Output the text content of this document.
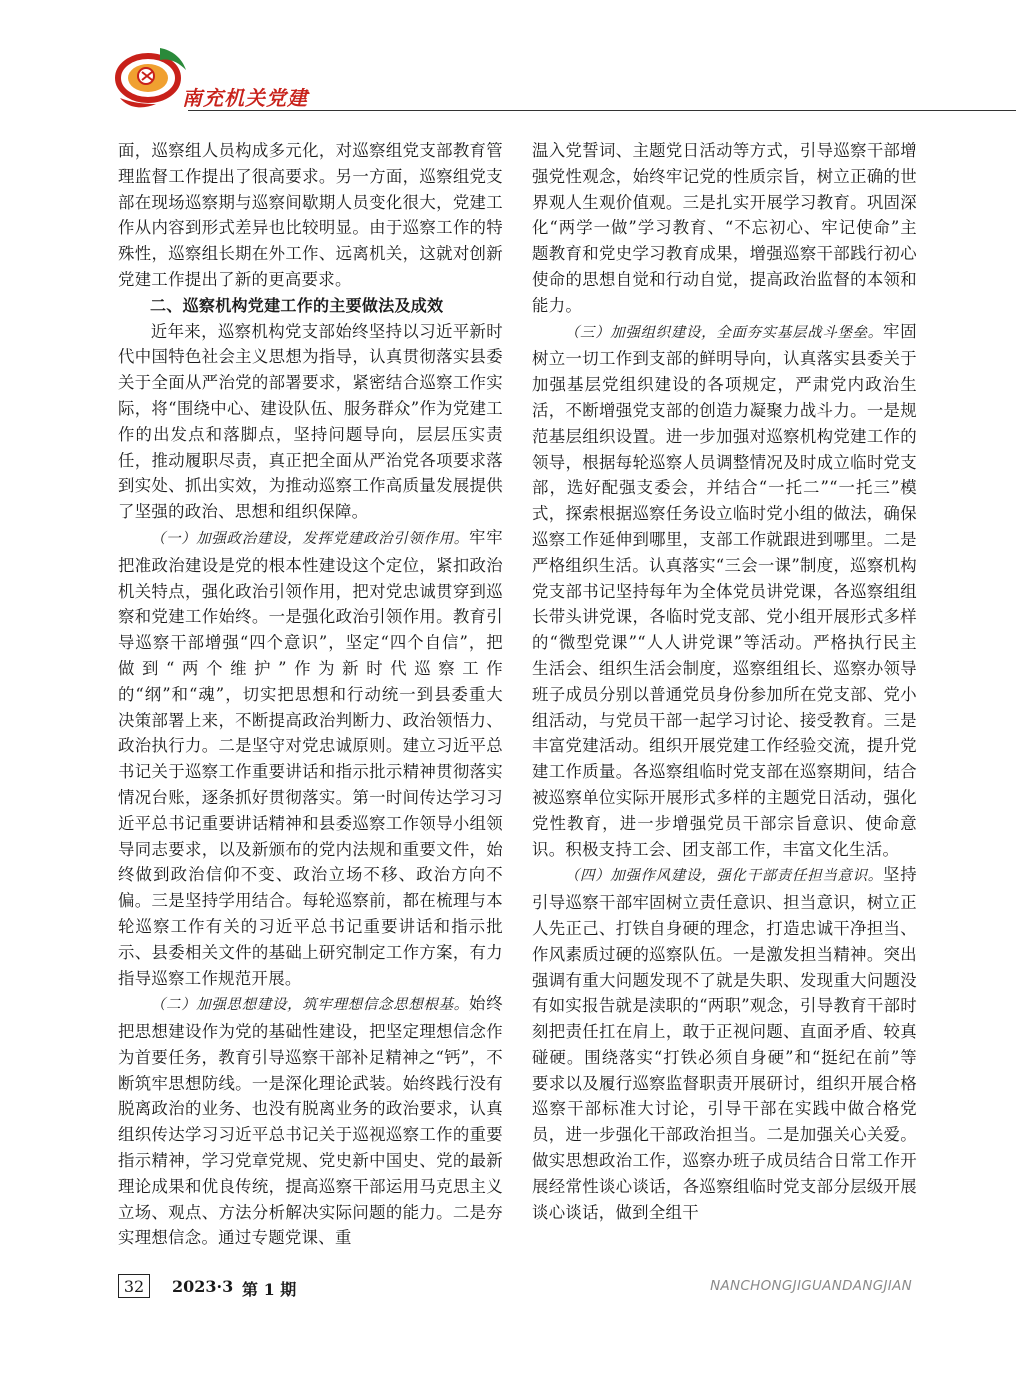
南充机关党建

面，巡察组人员构成多元化，对巡察组党支部教育管理监督工作提出了很高要求。另一方面，巡察组党支部在现场巡察期与巡察间歇期人员变化很大，党建工作从内容到形式差异也比较明显。由于巡察工作的特殊性，巡察组长期在外工作、远离机关，这就对创新党建工作提出了新的更高要求。

二、巡察机构党建工作的主要做法及成效

近年来，巡察机构党支部始终坚持以习近平新时代中国特色社会主义思想为指导，认真贯彻落实县委关于全面从严治党的部署要求，紧密结合巡察工作实际，将“围绕中心、建设队伍、服务群众”作为党建工作的出发点和落脚点，坚持问题导向，层层压实责任，推动履职尽责，真正把全面从严治党各项要求落到实处、抓出实效，为推动巡察工作高质量发展提供了坚强的政治、思想和组织保障。

（一）加强政治建设，发挥党建政治引领作用。牢牢把准政治建设是党的根本性建设这个定位，紧扣政治机关特点，强化政治引领作用，把对党忠诚贯穿到巡察和党建工作始终。一是强化政治引领作用。教育引导巡察干部增强“四个意识”，坚定“四个自信”，把做到“两个维护”作为新时代巡察工作的“纲”和“魂”，切实把思想和行动统一到县委重大决策部署上来，不断提高政治判断力、政治领悟力、政治执行力。二是坚守对党忠诚原则。建立习近平总书记关于巡察工作重要讲话和指示批示精神贯彻落实情况台账，逐条抓好贯彻落实。第一时间传达学习习近平总书记重要讲话精神和县委巡察工作领导小组领导同志要求，以及新颁布的党内法规和重要文件，始终做到政治信仰不变、政治立场不移、政治方向不偏。三是坚持学用结合。每轮巡察前，都在梳理与本轮巡察工作有关的习近平总书记重要讲话和指示批示、县委相关文件的基础上研究制定工作方案，有力指导巡察工作规范开展。

（二）加强思想建设，筑牢理想信念思想根基。始终把思想建设作为党的基础性建设，把坚定理想信念作为首要任务，教育引导巡察干部补足精神之“钙”，不断筑牢思想防线。一是深化理论武装。始终践行没有脱离政治的业务、也没有脱离业务的政治要求，认真组织传达学习习近平总书记关于巡视巡察工作的重要指示精神，学习党章党规、党史新中国史、党的最新理论成果和优良传统，提高巡察干部运用马克思主义立场、观点、方法分析解决实际问题的能力。二是夯实理想信念。通过专题党课、重

温入党誓词、主题党日活动等方式，引导巡察干部增强党性观念，始终牢记党的性质宗旨，树立正确的世界观人生观价值观。三是扎实开展学习教育。巩固深化“两学一做”学习教育、“不忘初心、牢记使命”主题教育和党史学习教育成果，增强巡察干部践行初心使命的思想自觉和行动自觉，提高政治监督的本领和能力。

（三）加强组织建设，全面夯实基层战斗堡垒。牢固树立一切工作到支部的鲜明导向，认真落实县委关于加强基层党组织建设的各项规定，严肃党内政治生活，不断增强党支部的创造力凝聚力战斗力。一是规范基层组织设置。进一步加强对巡察机构党建工作的领导，根据每轮巡察人员调整情况及时成立临时党支部，选好配强支委会，并结合“一托二”“一托三”模式，探索根据巡察任务设立临时党小组的做法，确保巡察工作延伸到哪里，支部工作就跟进到哪里。二是严格组织生活。认真落实“三会一课”制度，巡察机构党支部书记坚持每年为全体党员讲党课，各巡察组组长带头讲党课，各临时党支部、党小组开展形式多样的“微型党课”“人人讲党课”等活动。严格执行民主生活会、组织生活会制度，巡察组组长、巡察办领导班子成员分别以普通党员身份参加所在党支部、党小组活动，与党员干部一起学习讨论、接受教育。三是丰富党建活动。组织开展党建工作经验交流，提升党建工作质量。各巡察组临时党支部在巡察期间，结合被巡察单位实际开展形式多样的主题党日活动，强化党性教育，进一步增强党员干部宗旨意识、使命意识。积极支持工会、团支部工作，丰富文化生活。

（四）加强作风建设，强化干部责任担当意识。坚持引导巡察干部牢固树立责任意识、担当意识，树立正人先正己、打铁自身硬的理念，打造忠诚干净担当、作风素质过硬的巡察队伍。一是激发担当精神。突出强调有重大问题发现不了就是失职、发现重大问题没有如实报告就是渎职的“两职”观念，引导教育干部时刻把责任扛在肩上，敢于正视问题、直面矛盾、较真碰硬。围绕落实“打铁必须自身硬”和“挺纪在前”等要求以及履行巡察监督职责开展研讨，组织开展合格巡察干部标准大讨论，引导干部在实践中做合格党员，进一步强化干部政治担当。二是加强关心关爱。做实思想政治工作，巡察办班子成员结合日常工作开展经常性谈心谈话，各巡察组临时党支部分层级开展谈心谈话，做到全组干

32	2023·3 第 1 期	NANCHONGJIGUANDANGJIAN
